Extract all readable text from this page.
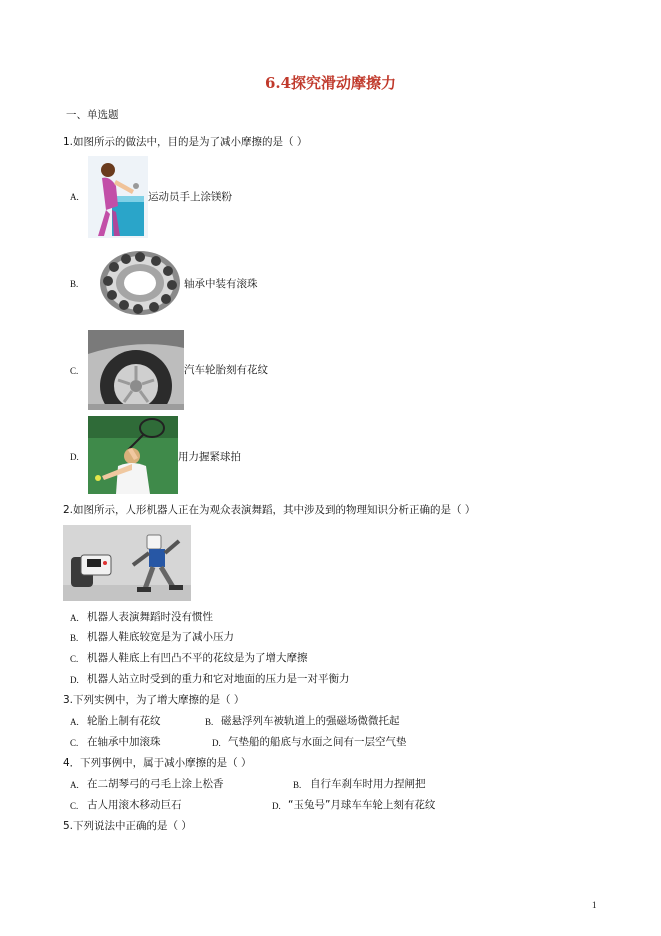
6.4探究滑动摩擦力
一、单选题
1.如图所示的做法中，目的是为了减小摩擦的是（ ）
A.	运动员手上涂镁粉
B.	轴承中装有滚珠
C.	汽车轮胎刻有花纹
D.	用力握紧球拍
2.如图所示，人形机器人正在为观众表演舞蹈，其中涉及到的物理知识分析正确的是（ ）
A. 机器人表演舞蹈时没有惯性
B. 机器人鞋底较宽是为了减小压力
C. 机器人鞋底上有凹凸不平的花纹是为了增大摩擦
D. 机器人站立时受到的重力和它对地面的压力是一对平衡力
3.下列实例中，为了增大摩擦的是（ ）
A. 轮胎上制有花纹	B. 磁悬浮列车被轨道上的强磁场微微托起
C. 在轴承中加滚珠	D. 气垫船的船底与水面之间有一层空气垫
4．下列事例中，属于减小摩擦的是（ ）
A. 在二胡琴弓的弓毛上涂上松香	B. 自行车刹车时用力捏闸把
C. 古人用滚木移动巨石	D. “玉兔号”月球车车轮上刻有花纹
5.下列说法中正确的是（ ）
1
